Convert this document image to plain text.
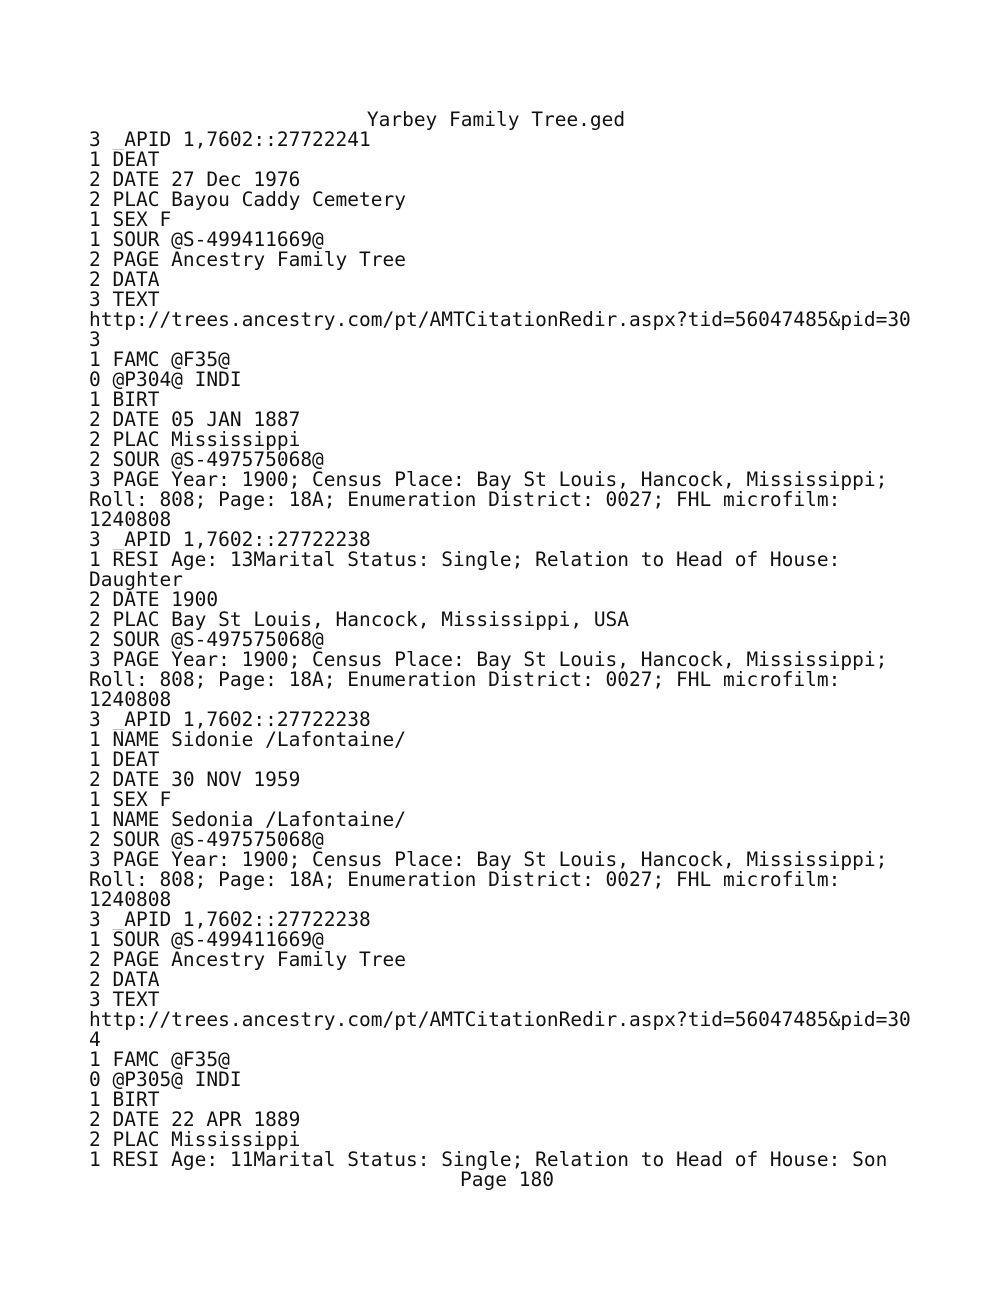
Yarbey Family Tree.ged
3 _APID 1,7602::27722241
1 DEAT
2 DATE 27 Dec 1976
2 PLAC Bayou Caddy Cemetery
1 SEX F
1 SOUR @S-499411669@
2 PAGE Ancestry Family Tree
2 DATA
3 TEXT
http://trees.ancestry.com/pt/AMTCitationRedir.aspx?tid=56047485&pid=30
3
1 FAMC @F35@
0 @P304@ INDI
1 BIRT
2 DATE 05 JAN 1887
2 PLAC Mississippi
2 SOUR @S-497575068@
3 PAGE Year: 1900; Census Place: Bay St Louis, Hancock, Mississippi;
Roll: 808; Page: 18A; Enumeration District: 0027; FHL microfilm:
1240808
3 _APID 1,7602::27722238
1 RESI Age: 13Marital Status: Single; Relation to Head of House:
Daughter
2 DATE 1900
2 PLAC Bay St Louis, Hancock, Mississippi, USA
2 SOUR @S-497575068@
3 PAGE Year: 1900; Census Place: Bay St Louis, Hancock, Mississippi;
Roll: 808; Page: 18A; Enumeration District: 0027; FHL microfilm:
1240808
3 _APID 1,7602::27722238
1 NAME Sidonie /Lafontaine/
1 DEAT
2 DATE 30 NOV 1959
1 SEX F
1 NAME Sedonia /Lafontaine/
2 SOUR @S-497575068@
3 PAGE Year: 1900; Census Place: Bay St Louis, Hancock, Mississippi;
Roll: 808; Page: 18A; Enumeration District: 0027; FHL microfilm:
1240808
3 _APID 1,7602::27722238
1 SOUR @S-499411669@
2 PAGE Ancestry Family Tree
2 DATA
3 TEXT
http://trees.ancestry.com/pt/AMTCitationRedir.aspx?tid=56047485&pid=30
4
1 FAMC @F35@
0 @P305@ INDI
1 BIRT
2 DATE 22 APR 1889
2 PLAC Mississippi
1 RESI Age: 11Marital Status: Single; Relation to Head of House: Son
Page 180
